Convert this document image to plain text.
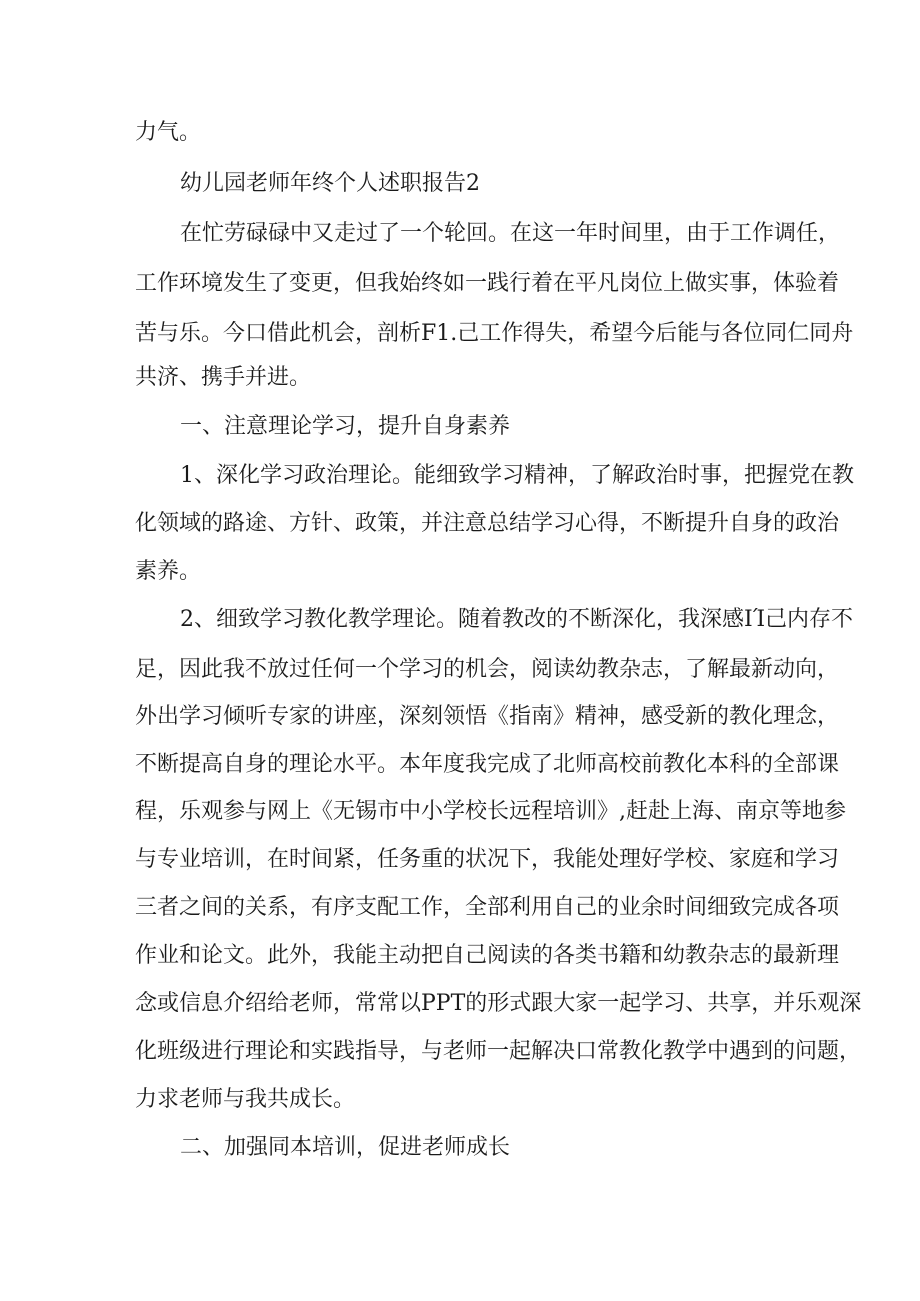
力气。
幼儿园老师年终个人述职报告2
在忙劳碌碌中又走过了一个轮回。在这一年时间里，由于工作调任，
工作环境发生了变更，但我始终如一践行着在平凡岗位上做实事，体验着
苦与乐。今口借此机会，剖析F1.己工作得失，希望今后能与各位同仁同舟
共济、携手并进。
一、注意理论学习，提升自身素养
1、深化学习政治理论。能细致学习精神，了解政治时事，把握党在教
化领域的路途、方针、政策，并注意总结学习心得，不断提升自身的政治
素养。
2、细致学习教化教学理论。随着教改的不断深化，我深感ΙΊ己内存不
足，因此我不放过任何一个学习的机会，阅读幼教杂志，了解最新动向，
外出学习倾听专家的讲座，深刻领悟《指南》精神，感受新的教化理念，
不断提高自身的理论水平。本年度我完成了北师高校前教化本科的全部课
程，乐观参与网上《无锡市中小学校长远程培训》,赶赴上海、南京等地参
与专业培训，在时间紧，任务重的状况下，我能处理好学校、家庭和学习
三者之间的关系，有序支配工作，全部利用自己的业余时间细致完成各项
作业和论文。此外，我能主动把自己阅读的各类书籍和幼教杂志的最新理
念或信息介绍给老师，常常以PPT的形式跟大家一起学习、共享，并乐观深
化班级进行理论和实践指导，与老师一起解决口常教化教学中遇到的问题，
力求老师与我共成长。
二、加强同本培训，促进老师成长
